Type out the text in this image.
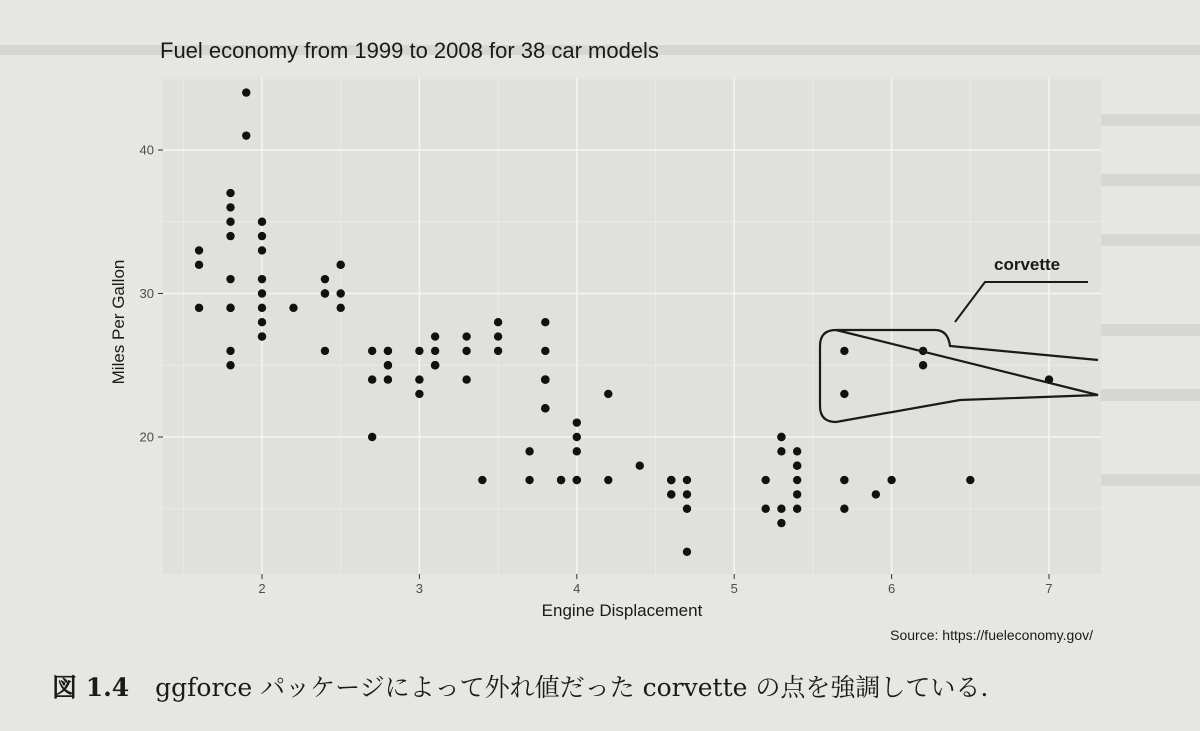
corvette
20
30
40
2	3	4	5	6	7
Fuel economy from 1999 to 2008 for 38 car models
Engine Displacement
Miles Per Gallon
Source: https://fueleconomy.gov/
図 1.4 ggforce パッケージによって外れ値だった corvette の点を強調している.
